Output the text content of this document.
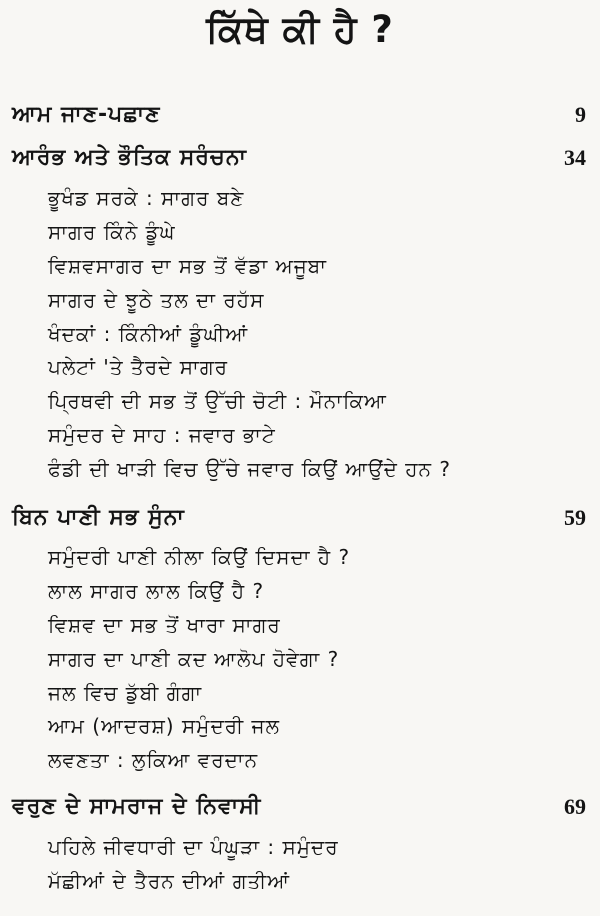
ਕਿੱਥੇ ਕੀ ਹੈ ?
ਆਮ ਜਾਣ-ਪਛਾਣ	9
ਆਰੰਭ ਅਤੇ ਭੌਤਿਕ ਸਰੰਚਨਾ	34
ਭੂਖੰਡ ਸਰਕੇ : ਸਾਗਰ ਬਣੇ
ਸਾਗਰ ਕਿੰਨੇ ਡੂੰਘੇ
ਵਿਸ਼ਵਸਾਗਰ ਦਾ ਸਭ ਤੋਂ ਵੱਡਾ ਅਜੂਬਾ
ਸਾਗਰ ਦੇ ਝੂਠੇ ਤਲ ਦਾ ਰਹੱਸ
ਖੰਦਕਾਂ : ਕਿੰਨੀਆਂ ਡੂੰਘੀਆਂ
ਪਲੇਟਾਂ 'ਤੇ ਤੈਰਦੇ ਸਾਗਰ
ਪ੍ਰਿਥਵੀ ਦੀ ਸਭ ਤੋਂ ਉੱਚੀ ਚੋਟੀ : ਮੌਨਾਕਿਆ
ਸਮੁੰਦਰ ਦੇ ਸਾਹ : ਜਵਾਰ ਭਾਟੇ
ਫੰਡੀ ਦੀ ਖਾੜੀ ਵਿਚ ਉੱਚੇ ਜਵਾਰ ਕਿਉਂ ਆਉਂਦੇ ਹਨ ?
ਬਿਨ ਪਾਣੀ ਸਭ ਸੁੰਨਾ	59
ਸਮੁੰਦਰੀ ਪਾਣੀ ਨੀਲਾ ਕਿਉਂ ਦਿਸਦਾ ਹੈ ?
ਲਾਲ ਸਾਗਰ ਲਾਲ ਕਿਉਂ ਹੈ ?
ਵਿਸ਼ਵ ਦਾ ਸਭ ਤੋਂ ਖਾਰਾ ਸਾਗਰ
ਸਾਗਰ ਦਾ ਪਾਣੀ ਕਦ ਆਲੋਪ ਹੋਵੇਗਾ ?
ਜਲ ਵਿਚ ਡੁੱਬੀ ਗੰਗਾ
ਆਮ (ਆਦਰਸ਼) ਸਮੁੰਦਰੀ ਜਲ
ਲਵਣਤਾ : ਲੁਕਿਆ ਵਰਦਾਨ
ਵਰੁਣ ਦੇ ਸਾਮਰਾਜ ਦੇ ਨਿਵਾਸੀ	69
ਪਹਿਲੇ ਜੀਵਧਾਰੀ ਦਾ ਪੰਘੂੜਾ : ਸਮੁੰਦਰ
ਮੱਛੀਆਂ ਦੇ ਤੈਰਨ ਦੀਆਂ ਗਤੀਆਂ
